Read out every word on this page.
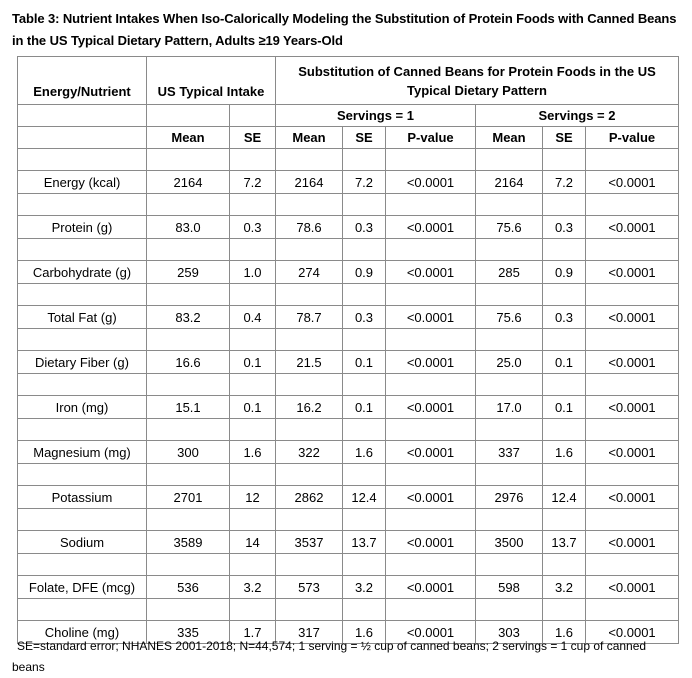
Table 3: Nutrient Intakes When Iso-Calorically Modeling the Substitution of Protein Foods with Canned Beans in the US Typical Dietary Pattern, Adults ≥19 Years-Old
Energy/Nutrient	US Typical Intake		Substitution of Canned Beans for Protein Foods in the US Typical Dietary Pattern					
			Servings = 1			Servings = 2		
	Mean	SE	Mean	SE	P-value	Mean	SE	P-value

Energy (kcal)	2164	7.2	2164	7.2	<0.0001	2164	7.2	<0.0001

Protein (g)	83.0	0.3	78.6	0.3	<0.0001	75.6	0.3	<0.0001

Carbohydrate (g)	259	1.0	274	0.9	<0.0001	285	0.9	<0.0001

Total Fat (g)	83.2	0.4	78.7	0.3	<0.0001	75.6	0.3	<0.0001

Dietary Fiber (g)	16.6	0.1	21.5	0.1	<0.0001	25.0	0.1	<0.0001

Iron (mg)	15.1	0.1	16.2	0.1	<0.0001	17.0	0.1	<0.0001

Magnesium (mg)	300	1.6	322	1.6	<0.0001	337	1.6	<0.0001

Potassium	2701	12	2862	12.4	<0.0001	2976	12.4	<0.0001

Sodium	3589	14	3537	13.7	<0.0001	3500	13.7	<0.0001

Folate, DFE (mcg)	536	3.2	573	3.2	<0.0001	598	3.2	<0.0001

Choline (mg)	335	1.7	317	1.6	<0.0001	303	1.6	<0.0001
SE=standard error; NHANES 2001-2018; N=44,574; 1 serving = ½ cup of canned beans; 2 servings = 1 cup of canned
beans
